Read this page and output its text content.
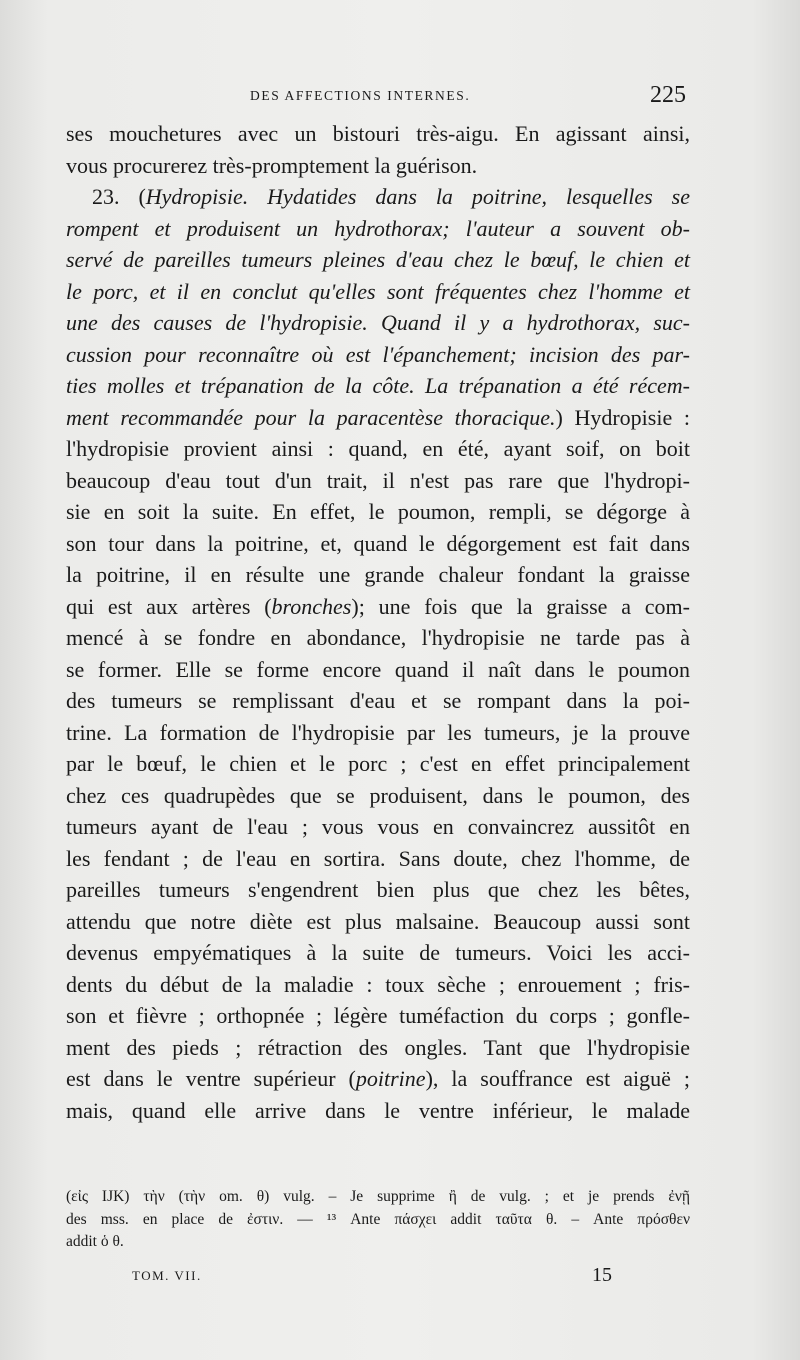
DES AFFECTIONS INTERNES.	225
ses mouchetures avec un bistouri très-aigu. En agissant ainsi,
vous procurerez très-promptement la guérison.
23. (Hydropisie. Hydatides dans la poitrine, lesquelles se
rompent et produisent un hydrothorax; l'auteur a souvent ob-
servé de pareilles tumeurs pleines d'eau chez le bœuf, le chien et
le porc, et il en conclut qu'elles sont fréquentes chez l'homme et
une des causes de l'hydropisie. Quand il y a hydrothorax, suc-
cussion pour reconnaître où est l'épanchement; incision des par-
ties molles et trépanation de la côte. La trépanation a été récem-
ment recommandée pour la paracentèse thoracique.) Hydropisie :
l'hydropisie provient ainsi : quand, en été, ayant soif, on boit
beaucoup d'eau tout d'un trait, il n'est pas rare que l'hydropi-
sie en soit la suite. En effet, le poumon, rempli, se dégorge à
son tour dans la poitrine, et, quand le dégorgement est fait dans
la poitrine, il en résulte une grande chaleur fondant la graisse
qui est aux artères (bronches); une fois que la graisse a com-
mencé à se fondre en abondance, l'hydropisie ne tarde pas à
se former. Elle se forme encore quand il naît dans le poumon
des tumeurs se remplissant d'eau et se rompant dans la poi-
trine. La formation de l'hydropisie par les tumeurs, je la prouve
par le bœuf, le chien et le porc ; c'est en effet principalement
chez ces quadrupèdes que se produisent, dans le poumon, des
tumeurs ayant de l'eau ; vous vous en convaincrez aussitôt en
les fendant ; de l'eau en sortira. Sans doute, chez l'homme, de
pareilles tumeurs s'engendrent bien plus que chez les bêtes,
attendu que notre diète est plus malsaine. Beaucoup aussi sont
devenus empyématiques à la suite de tumeurs. Voici les acci-
dents du début de la maladie : toux sèche ; enrouement ; fris-
son et fièvre ; orthopnée ; légère tuméfaction du corps ; gonfle-
ment des pieds ; rétraction des ongles. Tant que l'hydropisie
est dans le ventre supérieur (poitrine), la souffrance est aiguë ;
mais, quand elle arrive dans le ventre inférieur, le malade
(εἰς IJK) τὴν (τὴν om. θ) vulg. – Je supprime ἢ de vulg. ; et je prends ἐνῇ
des mss. en place de ἐστιν. — ¹³ Ante πάσχει addit ταῦτα θ. – Ante πρόσθεν
addit ὁ θ.
TOM. VII.	15
